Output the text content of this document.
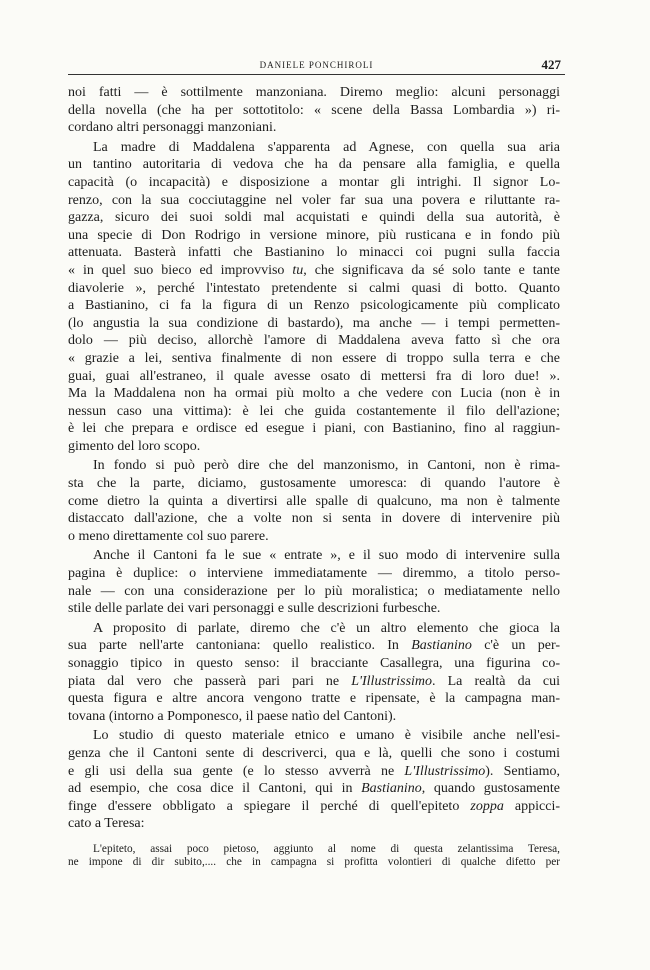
DANIELE PONCHIROLI	427
noi fatti — è sottilmente manzoniana. Diremo meglio: alcuni personaggi
della novella (che ha per sottotitolo: « scene della Bassa Lombardia ») ri-
cordano altri personaggi manzoniani.
La madre di Maddalena s'apparenta ad Agnese, con quella sua aria
un tantino autoritaria di vedova che ha da pensare alla famiglia, e quella
capacità (o incapacità) e disposizione a montar gli intrighi. Il signor Lo-
renzo, con la sua cocciutaggine nel voler far sua una povera e riluttante ra-
gazza, sicuro dei suoi soldi mal acquistati e quindi della sua autorità, è
una specie di Don Rodrigo in versione minore, più rusticana e in fondo più
attenuata. Basterà infatti che Bastianino lo minacci coi pugni sulla faccia
« in quel suo bieco ed improvviso tu, che significava da sé solo tante e tante
diavolerie », perché l'intestato pretendente si calmi quasi di botto. Quanto
a Bastianino, ci fa la figura di un Renzo psicologicamente più complicato
(lo angustia la sua condizione di bastardo), ma anche — i tempi permetten-
dolo — più deciso, allorchè l'amore di Maddalena aveva fatto sì che ora
« grazie a lei, sentiva finalmente di non essere di troppo sulla terra e che
guai, guai all'estraneo, il quale avesse osato di mettersi fra di loro due! ».
Ma la Maddalena non ha ormai più molto a che vedere con Lucia (non è in
nessun caso una vittima): è lei che guida costantemente il filo dell'azione;
è lei che prepara e ordisce ed esegue i piani, con Bastianino, fino al raggiun-
gimento del loro scopo.
In fondo si può però dire che del manzonismo, in Cantoni, non è rima-
sta che la parte, diciamo, gustosamente umoresca: di quando l'autore è
come dietro la quinta a divertirsi alle spalle di qualcuno, ma non è talmente
distaccato dall'azione, che a volte non si senta in dovere di intervenire più
o meno direttamente col suo parere.
Anche il Cantoni fa le sue « entrate », e il suo modo di intervenire sulla
pagina è duplice: o interviene immediatamente — diremmo, a titolo perso-
nale — con una considerazione per lo più moralistica; o mediatamente nello
stile delle parlate dei vari personaggi e sulle descrizioni furbesche.
A proposito di parlate, diremo che c'è un altro elemento che gioca la
sua parte nell'arte cantoniana: quello realistico. In Bastianino c'è un per-
sonaggio tipico in questo senso: il bracciante Casallegra, una figurina co-
piata dal vero che passerà pari pari ne L'Illustrissimo. La realtà da cui
questa figura e altre ancora vengono tratte e ripensate, è la campagna man-
tovana (intorno a Pomponesco, il paese natìo del Cantoni).
Lo studio di questo materiale etnico e umano è visibile anche nell'esi-
genza che il Cantoni sente di descriverci, qua e là, quelli che sono i costumi
e gli usi della sua gente (e lo stesso avverrà ne L'Illustrissimo). Sentiamo,
ad esempio, che cosa dice il Cantoni, qui in Bastianino, quando gustosamente
finge d'essere obbligato a spiegare il perché di quell'epiteto zoppa appicci-
cato a Teresa:
L'epiteto, assai poco pietoso, aggiunto al nome di questa zelantissima Teresa,
ne impone di dir subito,.... che in campagna si profitta volontieri di qualche difetto per
